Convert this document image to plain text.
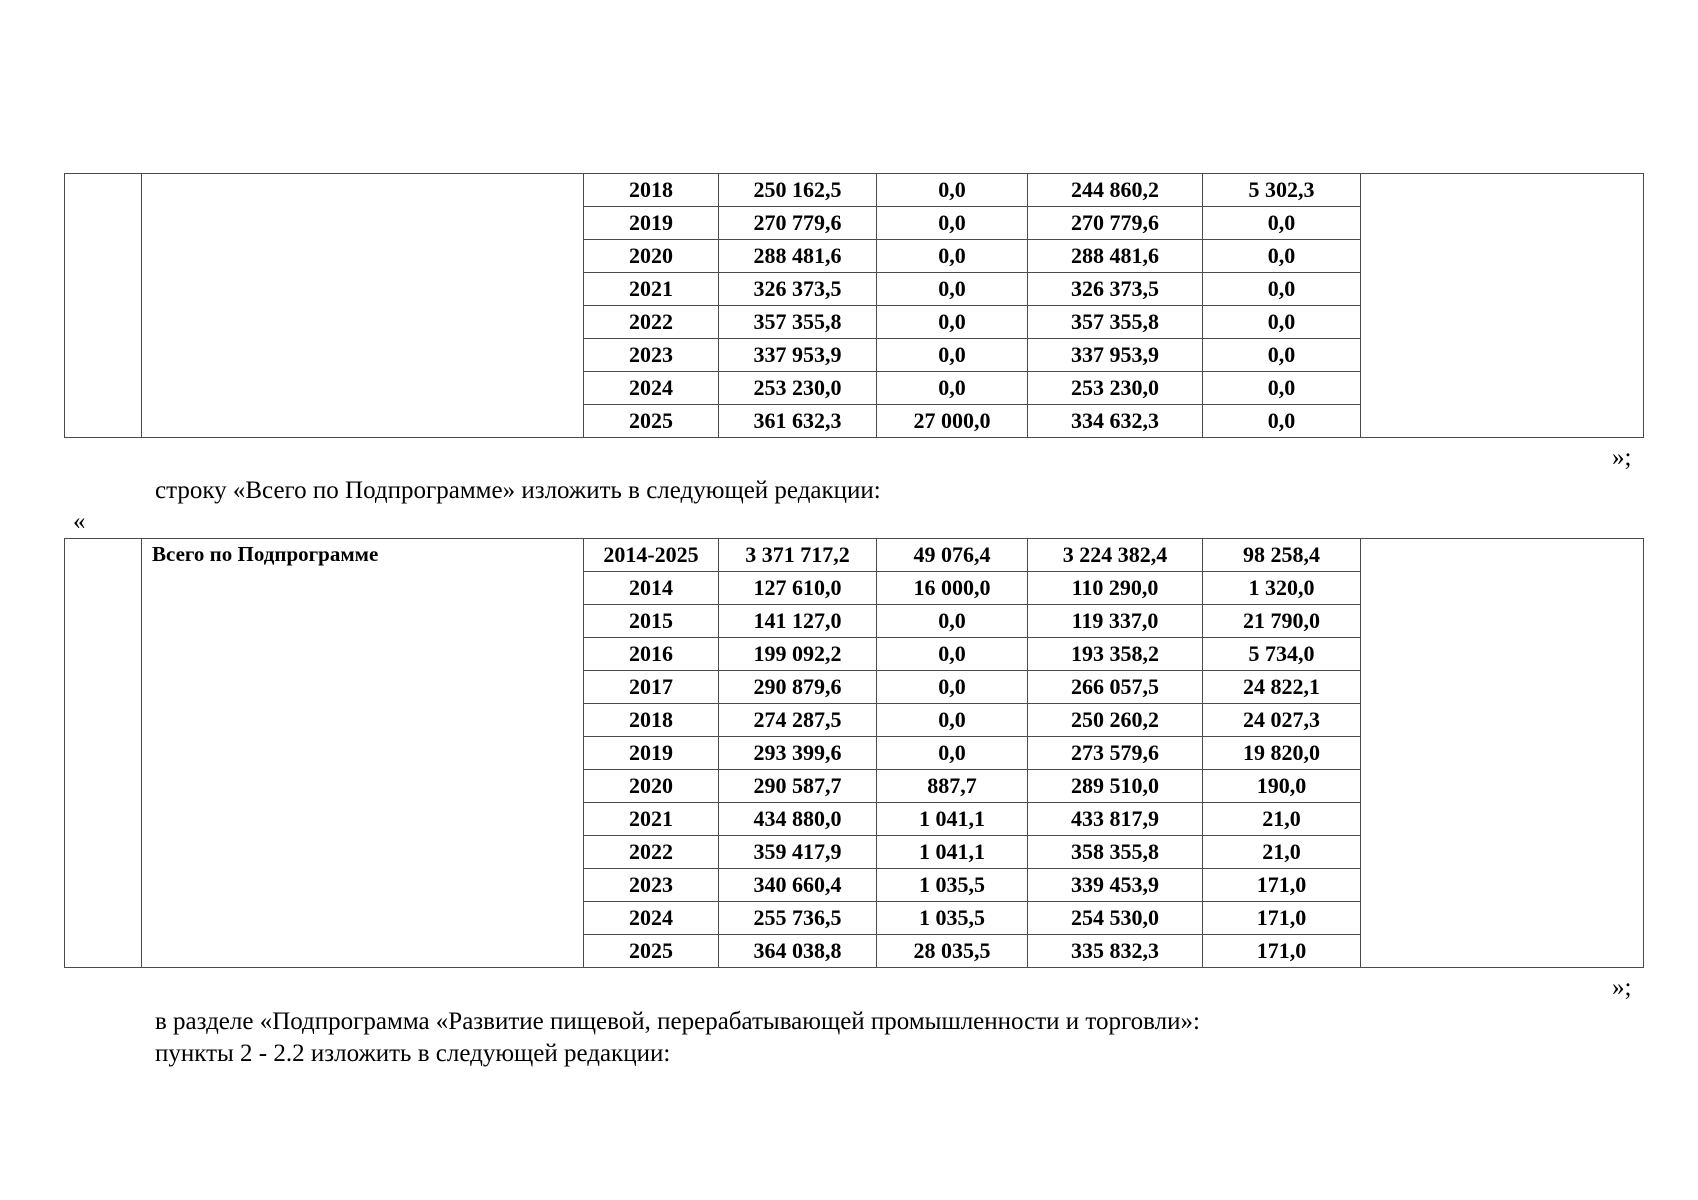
		2018	250 162,5	0,0	244 860,2	5 302,3	
		2019	270 779,6	0,0	270 779,6	0,0	
		2020	288 481,6	0,0	288 481,6	0,0	
		2021	326 373,5	0,0	326 373,5	0,0	
		2022	357 355,8	0,0	357 355,8	0,0	
		2023	337 953,9	0,0	337 953,9	0,0	
		2024	253 230,0	0,0	253 230,0	0,0	
		2025	361 632,3	27 000,0	334 632,3	0,0	
»;
строку «Всего по Подпрограмме» изложить в следующей редакции:
«
	Всего по Подпрограмме	2014-2025	3 371 717,2	49 076,4	3 224 382,4	98 258,4	
		2014	127 610,0	16 000,0	110 290,0	1 320,0	
		2015	141 127,0	0,0	119 337,0	21 790,0	
		2016	199 092,2	0,0	193 358,2	5 734,0	
		2017	290 879,6	0,0	266 057,5	24 822,1	
		2018	274 287,5	0,0	250 260,2	24 027,3	
		2019	293 399,6	0,0	273 579,6	19 820,0	
		2020	290 587,7	887,7	289 510,0	190,0	
		2021	434 880,0	1 041,1	433 817,9	21,0	
		2022	359 417,9	1 041,1	358 355,8	21,0	
		2023	340 660,4	1 035,5	339 453,9	171,0	
		2024	255 736,5	1 035,5	254 530,0	171,0	
		2025	364 038,8	28 035,5	335 832,3	171,0	
»;
в разделе «Подпрограмма «Развитие пищевой, перерабатывающей промышленности и торговли»:
пункты 2 - 2.2 изложить в следующей редакции:
